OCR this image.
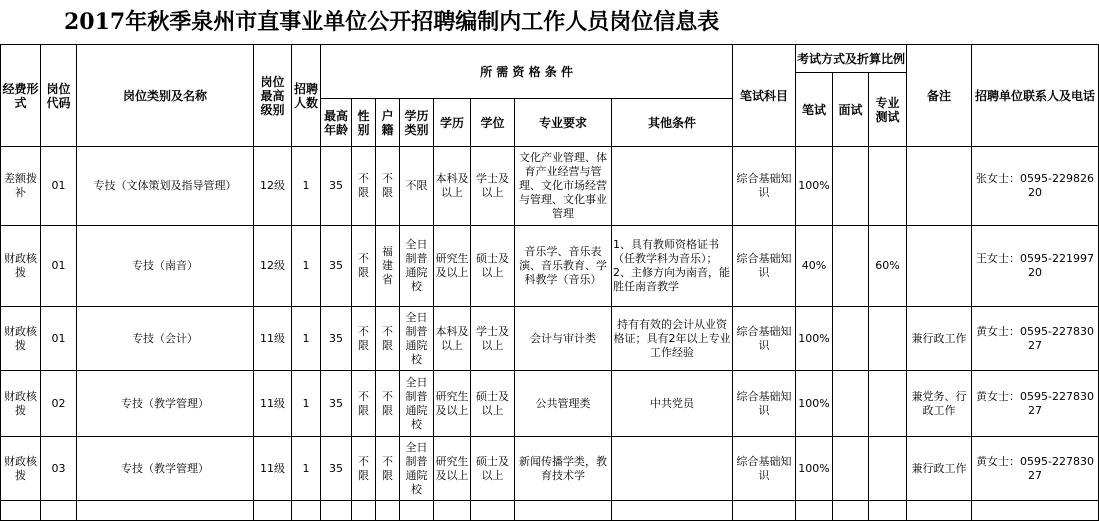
2017年秋季泉州市直事业单位公开招聘编制内工作人员岗位信息表
经费形式	岗位代码	岗位类别及名称	岗位最高级别	招聘人数	所 需 资 格 条 件								笔试科目	考试方式及折算比例			备注	招聘单位联系人及电话
														笔试	面试	专业测试		
					最高年龄	性别	户籍	学历类别	学历	学位	专业要求	其他条件						
差额拨补	01	专技（文体策划及指导管理）	12级	1	35	不限	不限	不限	本科及以上	学士及以上	文化产业管理、体育产业经营与管理、文化市场经营与管理、文化事业管理		综合基础知识	100%				张女士：0595-22982620
财政核拨	01	专技（南音）	12级	1	35	不限	福建省	全日制普通院校	研究生及以上	硕士及以上	音乐学、音乐表演、音乐教育、学科教学（音乐）	1、具有教师资格证书（任教学科为音乐）；2、主修方向为南音，能胜任南音教学	综合基础知识	40%		60%		王女士：0595-22199720
财政核拨	01	专技（会计）	11级	1	35	不限	不限	全日制普通院校	本科及以上	学士及以上	会计与审计类	持有有效的会计从业资格证；具有2年以上专业工作经验	综合基础知识	100%			兼行政工作	黄女士：0595-22783027
财政核拨	02	专技（教学管理）	11级	1	35	不限	不限	全日制普通院校	研究生及以上	硕士及以上	公共管理类	中共党员	综合基础知识	100%			兼党务、行政工作	黄女士：0595-22783027
财政核拨	03	专技（教学管理）	11级	1	35	不限	不限	全日制普通院校	研究生及以上	硕士及以上	新闻传播学类，教育技术学		综合基础知识	100%			兼行政工作	黄女士：0595-22783027
